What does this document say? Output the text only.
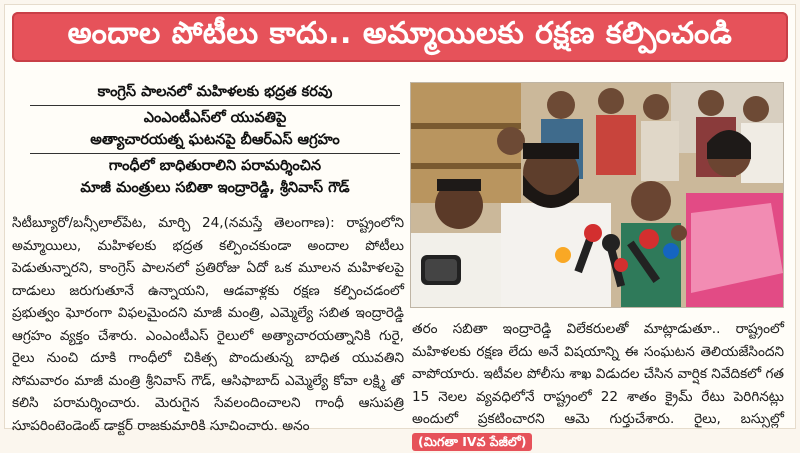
అందాల పోటీలు కాదు.. అమ్మాయిలకు రక్షణ కల్పించండి
కాంగ్రెస్ పాలనలో మహిళలకు భద్రత కరవు
ఎంఎంటీఎస్‌లో యువతిపై
అత్యాచారయత్న ఘటనపై బీఆర్ఎస్ ఆగ్రహం
గాంధీలో బాధితురాలిని పరామర్శించిన
మాజీ మంత్రులు సబితా ఇంద్రారెడ్డి, శ్రీనివాస్ గౌడ్

సిటీబ్యూరో/బన్సీలాల్‌పేట, మార్చి 24,(నమస్తే తెలంగాణ): రాష్ట్రంలోని అమ్మాయిలు, మహిళలకు భద్రత కల్పించకుండా అందాల పోటీలు పెడుతున్నారని, కాంగ్రెస్ పాలనలో ప్రతిరోజు ఏదో ఒక మూలన మహిళలపై దాడులు జరుగుతూనే ఉన్నాయని, ఆడవాళ్లకు రక్షణ కల్పించడంలో ప్రభుత్వం ఘోరంగా విఫలమైందని మాజీ మంత్రి, ఎమ్మెల్యే సబిత ఇంద్రారెడ్డి ఆగ్రహం వ్యక్తం చేశారు. ఎంఎంటీఎస్ రైలులో అత్యాచారయత్నానికి గురై, రైలు నుంచి దూకి గాంధీలో చికిత్స పొందుతున్న బాధిత యువతిని సోమవారం మాజీ మంత్రి శ్రీనివాస్ గౌడ్, ఆసిఫాబాద్ ఎమ్మెల్యే కోవా లక్ష్మి తో కలిసి పరామర్శించారు. మెరుగైన సేవలందించాలని గాంధీ ఆసుపత్రి సూపరింటెండెంట్ డాక్టర్ రాజకుమారికి సూచించారు. అనం

తరం సబితా ఇంద్రారెడ్డి విలేకరులతో మాట్లాడుతూ.. రాష్ట్రంలో మహిళలకు రక్షణ లేదు అనే విషయాన్ని ఈ సంఘటన తెలియజేసిందని వాపోయారు. ఇటీవల పోలీసు శాఖ విడుదల చేసిన వార్షిక నివేదికలో గత 15 నెలల వ్యవధిలోనే రాష్ట్రంలో 22 శాతం క్రైమ్ రేటు పెరిగినట్లు అందులో ప్రకటించారని ఆమె గుర్తుచేశారు. రైలు, బస్సుల్లో (మిగతా IVవ పేజీలో)
